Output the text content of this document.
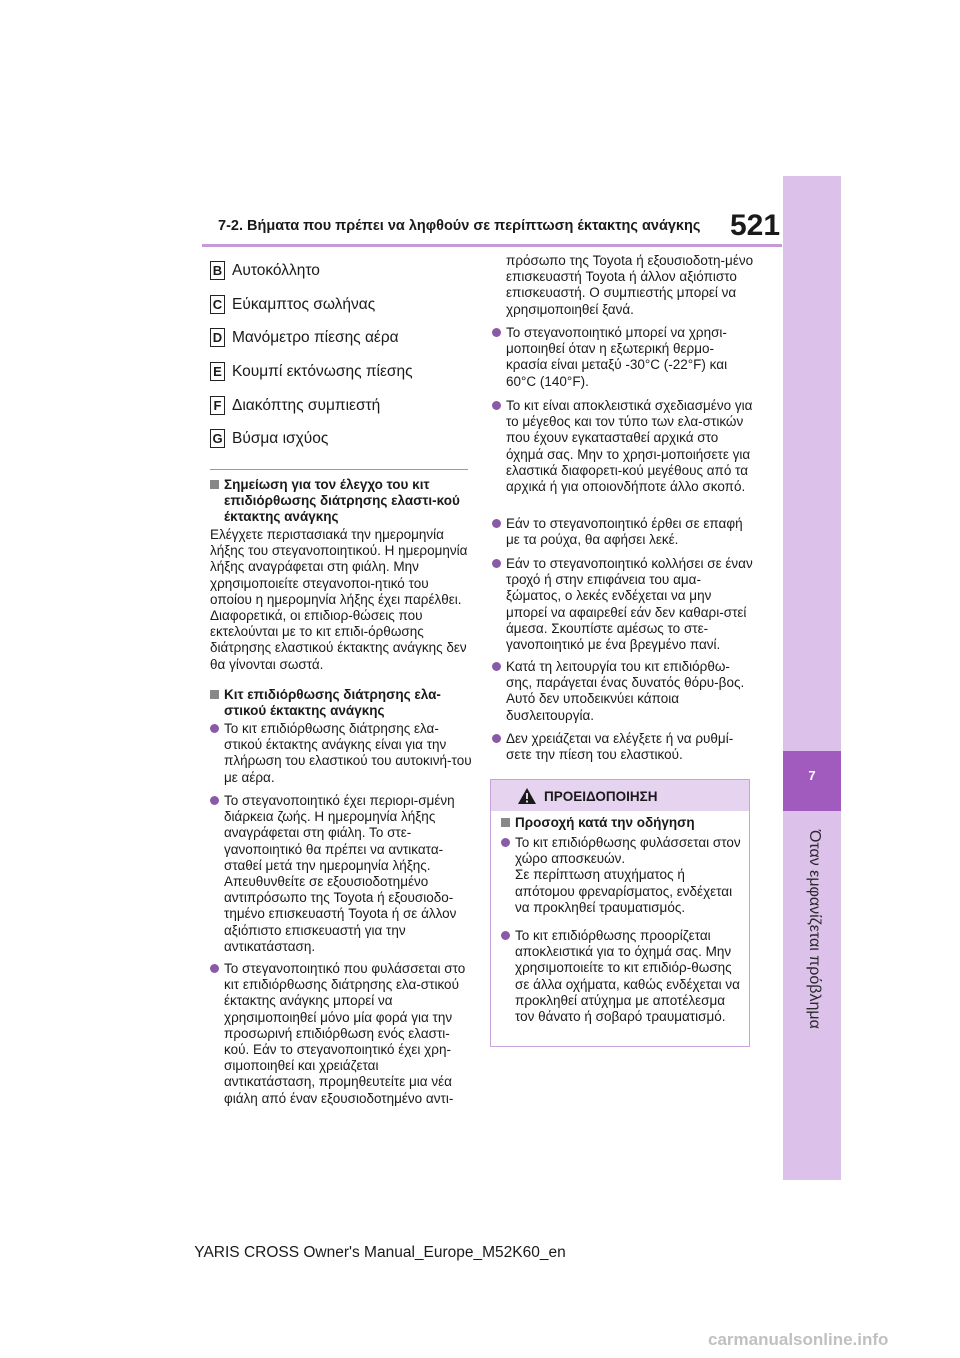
7-2. Βήματα που πρέπει να ληφθούν σε περίπτωση έκτακτης ανάγκης 521
7
B Αυτοκόλλητο
C Εύκαμπτος σωλήνας
D Μανόμετρο πίεσης αέρα
E Κουμπί εκτόνωσης πίεσης
F Διακόπτης συμπιεστή
G Βύσμα ισχύος
Σημείωση για τον έλεγχο του κιτ επιδιόρθωσης διάτρησης ελαστι-κού έκτακτης ανάγκης
Ελέγχετε περιστασιακά την ημερομηνία λήξης του στεγανοποιητικού. Η ημερομηνία λήξης αναγράφεται στη φιάλη. Μην χρησιμοποιείτε στεγανοποι-ητικό του οποίου η ημερομηνία λήξης έχει παρέλθει. Διαφορετικά, οι επιδιορ-θώσεις που εκτελούνται με το κιτ επιδι-όρθωσης διάτρησης ελαστικού έκτακτης ανάγκης δεν θα γίνονται σωστά.
Κιτ επιδιόρθωσης διάτρησης ελα-στικού έκτακτης ανάγκης
Το κιτ επιδιόρθωσης διάτρησης ελα-στικού έκτακτης ανάγκης είναι για την πλήρωση του ελαστικού του αυτοκινή-του με αέρα.
Το στεγανοποιητικό έχει περιορι-σμένη διάρκεια ζωής. Η ημερομηνία λήξης αναγράφεται στη φιάλη. Το στε-γανοποιητικό θα πρέπει να αντικατα-σταθεί μετά την ημερομηνία λήξης. Απευθυνθείτε σε εξουσιοδοτημένο αντιπρόσωπο της Toyota ή εξουσιοδο-τημένο επισκευαστή Toyota ή σε άλλον αξιόπιστο επισκευαστή για την αντικατάσταση.
Το στεγανοποιητικό που φυλάσσεται στο κιτ επιδιόρθωσης διάτρησης ελα-στικού έκτακτης ανάγκης μπορεί να χρησιμοποιηθεί μόνο μία φορά για την προσωρινή επιδιόρθωση ενός ελαστι-κού. Εάν το στεγανοποιητικό έχει χρη-σιμοποιηθεί και χρειάζεται αντικατάσταση, προμηθευτείτε μια νέα φιάλη από έναν εξουσιοδοτημένο αντι-
πρόσωπο της Toyota ή εξουσιοδοτη-μένο επισκευαστή Toyota ή άλλον αξιόπιστο επισκευαστή. Ο συμπιεστής μπορεί να χρησιμοποιηθεί ξανά.
Το στεγανοποιητικό μπορεί να χρησι-μοποιηθεί όταν η εξωτερική θερμο-κρασία είναι μεταξύ -30°C (-22°F) και 60°C (140°F).
Το κιτ είναι αποκλειστικά σχεδιασμένο για το μέγεθος και τον τύπο των ελα-στικών που έχουν εγκατασταθεί αρχικά στο όχημά σας. Μην το χρησι-μοποιήσετε για ελαστικά διαφορετι-κού μεγέθους από τα αρχικά ή για οποιονδήποτε άλλο σκοπό.
Εάν το στεγανοποιητικό έρθει σε επαφή με τα ρούχα, θα αφήσει λεκέ.
Εάν το στεγανοποιητικό κολλήσει σε έναν τροχό ή στην επιφάνεια του αμα-ξώματος, ο λεκές ενδέχεται να μην μπορεί να αφαιρεθεί εάν δεν καθαρι-στεί άμεσα. Σκουπίστε αμέσως το στε-γανοποιητικό με ένα βρεγμένο πανί.
Κατά τη λειτουργία του κιτ επιδιόρθω-σης, παράγεται ένας δυνατός θόρυ-βος. Αυτό δεν υποδεικνύει κάποια δυσλειτουργία.
Δεν χρειάζεται να ελέγξετε ή να ρυθμί-σετε την πίεση του ελαστικού.
ΠΡΟΕΙΔΟΠΟΙΗΣΗ
Προσοχή κατά την οδήγηση
Το κιτ επιδιόρθωσης φυλάσσεται στον χώρο αποσκευών.
Σε περίπτωση ατυχήματος ή απότομου φρεναρίσματος, ενδέχεται να προκληθεί τραυματισμός.
Το κιτ επιδιόρθωσης προορίζεται αποκλειστικά για το όχημά σας. Μην χρησιμοποιείτε το κιτ επιδιόρ-θωσης σε άλλα οχήματα, καθώς ενδέχεται να προκληθεί ατύχημα με αποτέλεσμα τον θάνατο ή σοβαρό τραυματισμό.
YARIS CROSS Owner's Manual_Europe_M52K60_en
carmanualsonline.info
